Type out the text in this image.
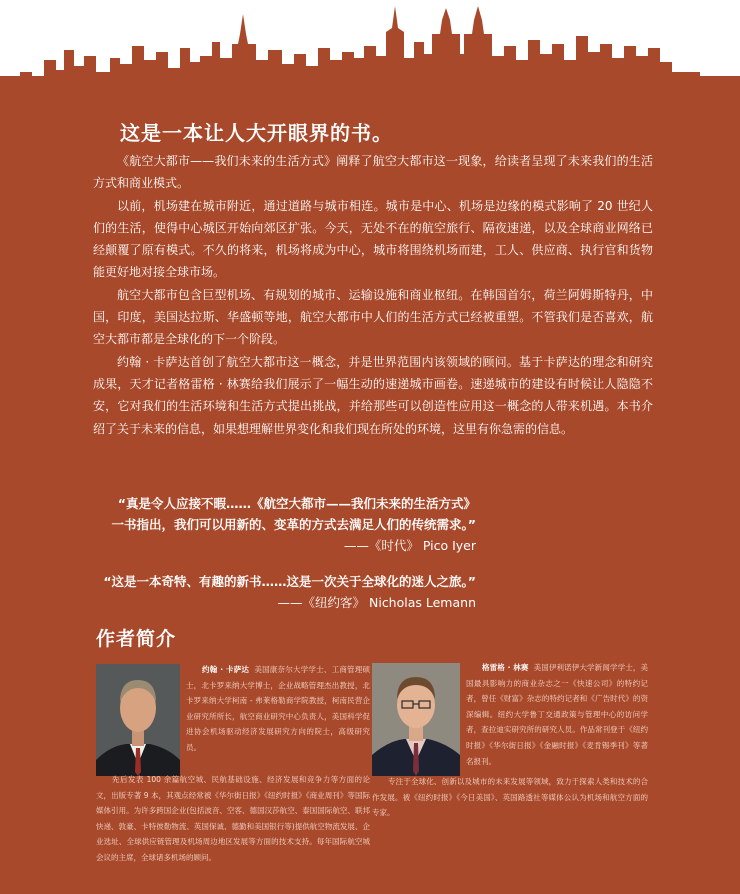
这是一本让人大开眼界的书。

《航空大都市——我们未来的生活方式》阐释了航空大都市这一现象，给读者呈现了未来我们的生活方式和商业模式。

以前，机场建在城市附近，通过道路与城市相连。城市是中心、机场是边缘的模式影响了 20 世纪人们的生活，使得中心城区开始向郊区扩张。今天，无处不在的航空旅行、隔夜速递，以及全球商业网络已经颠覆了原有模式。不久的将来，机场将成为中心，城市将围绕机场而建，工人、供应商、执行官和货物能更好地对接全球市场。

航空大都市包含巨型机场、有规划的城市、运输设施和商业枢纽。在韩国首尔，荷兰阿姆斯特丹，中国，印度，美国达拉斯、华盛顿等地，航空大都市中人们的生活方式已经被重塑。不管我们是否喜欢，航空大都市都是全球化的下一个阶段。

约翰 · 卡萨达首创了航空大都市这一概念，并是世界范围内该领域的顾问。基于卡萨达的理念和研究成果，天才记者格雷格 · 林赛给我们展示了一幅生动的速递城市画卷。速递城市的建设有时候让人隐隐不安，它对我们的生活环境和生活方式提出挑战，并给那些可以创造性应用这一概念的人带来机遇。本书介绍了关于未来的信息，如果想理解世界变化和我们现在所处的环境，这里有你急需的信息。

“真是令人应接不暇……《航空大都市——我们未来的生活方式》
一书指出，我们可以用新的、变革的方式去满足人们的传统需求。”
——《时代》 Pico Iyer
“这是一本奇特、有趣的新书……这是一次关于全球化的迷人之旅。”
——《纽约客》 Nicholas Lemann
作者简介

约翰 · 卡萨达 美国康奈尔大学学士、工商管理硕士，北卡罗来纳大学博士，企业战略管理杰出教授，北卡罗来纳大学柯南 - 弗莱格勒商学院教授，柯南民营企业研究所所长，航空商业研究中心负责人，美国科学促进协会机场驱动经济发展研究方向的院士，高级研究员。

先后发表 100 余篇航空城、民航基础设施、经济发展和竞争力等方面的论文，出版专著 9 本，其观点经常被《华尔街日报》《纽约时报》《商业周刊》等国际媒体引用。为许多跨国企业(包括波音、空客、德国汉莎航空、泰国国际航空、联邦快递、敦豪、卡特彼勒物流、英国保诚、德勤和美国银行等)提供航空物流发展、企业选址、全球供应链管理及机场周边地区发展等方面的技术支持。每年国际航空城会议的主席，全球诸多机场的顾问。

格雷格 · 林赛 美国伊利诺伊大学新闻学学士，美国最具影响力的商业杂志之一《快速公司》的特约记者，曾任《财富》杂志的特约记者和《广告时代》的资深编辑。纽约大学鲁丁交通政策与管理中心的访问学者，查拉迪实研究所的研究人员。作品常刊登于《纽约时报》《华尔街日报》《金融时报》《麦肯锡季刊》等著名报刊。

专注于全球化、创新以及城市的未来发展等领域，致力于探索人类和技术的合作发展。被《纽约时报》《今日美国》、英国路透社等媒体公认为机场和航空方面的专家。
